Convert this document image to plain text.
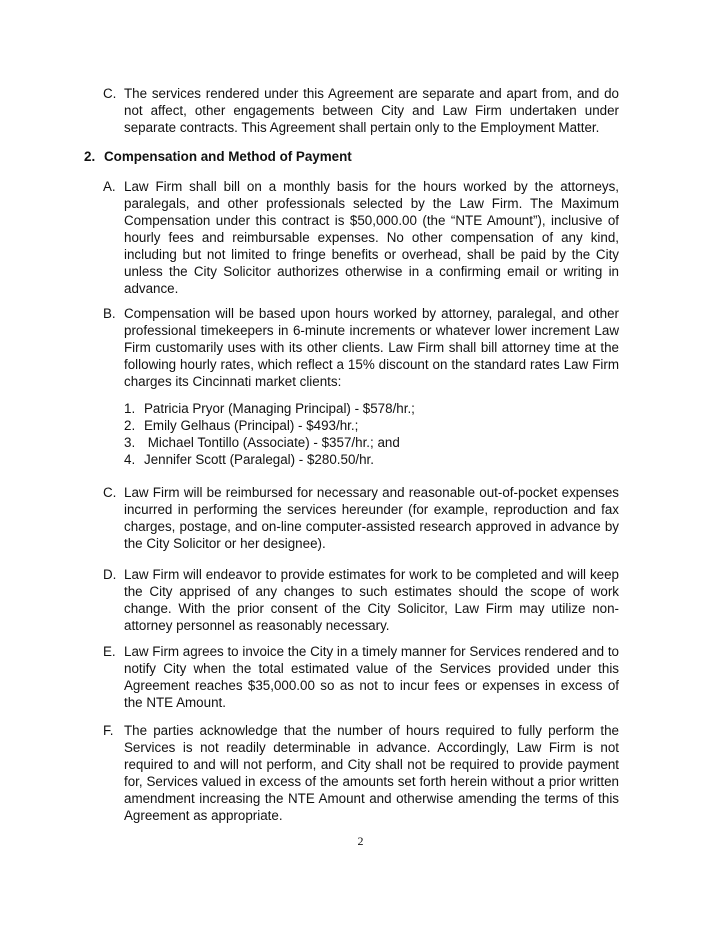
C. The services rendered under this Agreement are separate and apart from, and do not affect, other engagements between City and Law Firm undertaken under separate contracts. This Agreement shall pertain only to the Employment Matter.
2. Compensation and Method of Payment
A. Law Firm shall bill on a monthly basis for the hours worked by the attorneys, paralegals, and other professionals selected by the Law Firm. The Maximum Compensation under this contract is $50,000.00 (the “NTE Amount”), inclusive of hourly fees and reimbursable expenses. No other compensation of any kind, including but not limited to fringe benefits or overhead, shall be paid by the City unless the City Solicitor authorizes otherwise in a confirming email or writing in advance.
B. Compensation will be based upon hours worked by attorney, paralegal, and other professional timekeepers in 6-minute increments or whatever lower increment Law Firm customarily uses with its other clients. Law Firm shall bill attorney time at the following hourly rates, which reflect a 15% discount on the standard rates Law Firm charges its Cincinnati market clients:
1. Patricia Pryor (Managing Principal) - $578/hr.;
2. Emily Gelhaus (Principal) - $493/hr.;
3. Michael Tontillo (Associate) - $357/hr.; and
4. Jennifer Scott (Paralegal) - $280.50/hr.
C. Law Firm will be reimbursed for necessary and reasonable out-of-pocket expenses incurred in performing the services hereunder (for example, reproduction and fax charges, postage, and on-line computer-assisted research approved in advance by the City Solicitor or her designee).
D. Law Firm will endeavor to provide estimates for work to be completed and will keep the City apprised of any changes to such estimates should the scope of work change. With the prior consent of the City Solicitor, Law Firm may utilize non-attorney personnel as reasonably necessary.
E. Law Firm agrees to invoice the City in a timely manner for Services rendered and to notify City when the total estimated value of the Services provided under this Agreement reaches $35,000.00 so as not to incur fees or expenses in excess of the NTE Amount.
F. The parties acknowledge that the number of hours required to fully perform the Services is not readily determinable in advance. Accordingly, Law Firm is not required to and will not perform, and City shall not be required to provide payment for, Services valued in excess of the amounts set forth herein without a prior written amendment increasing the NTE Amount and otherwise amending the terms of this Agreement as appropriate.
2
